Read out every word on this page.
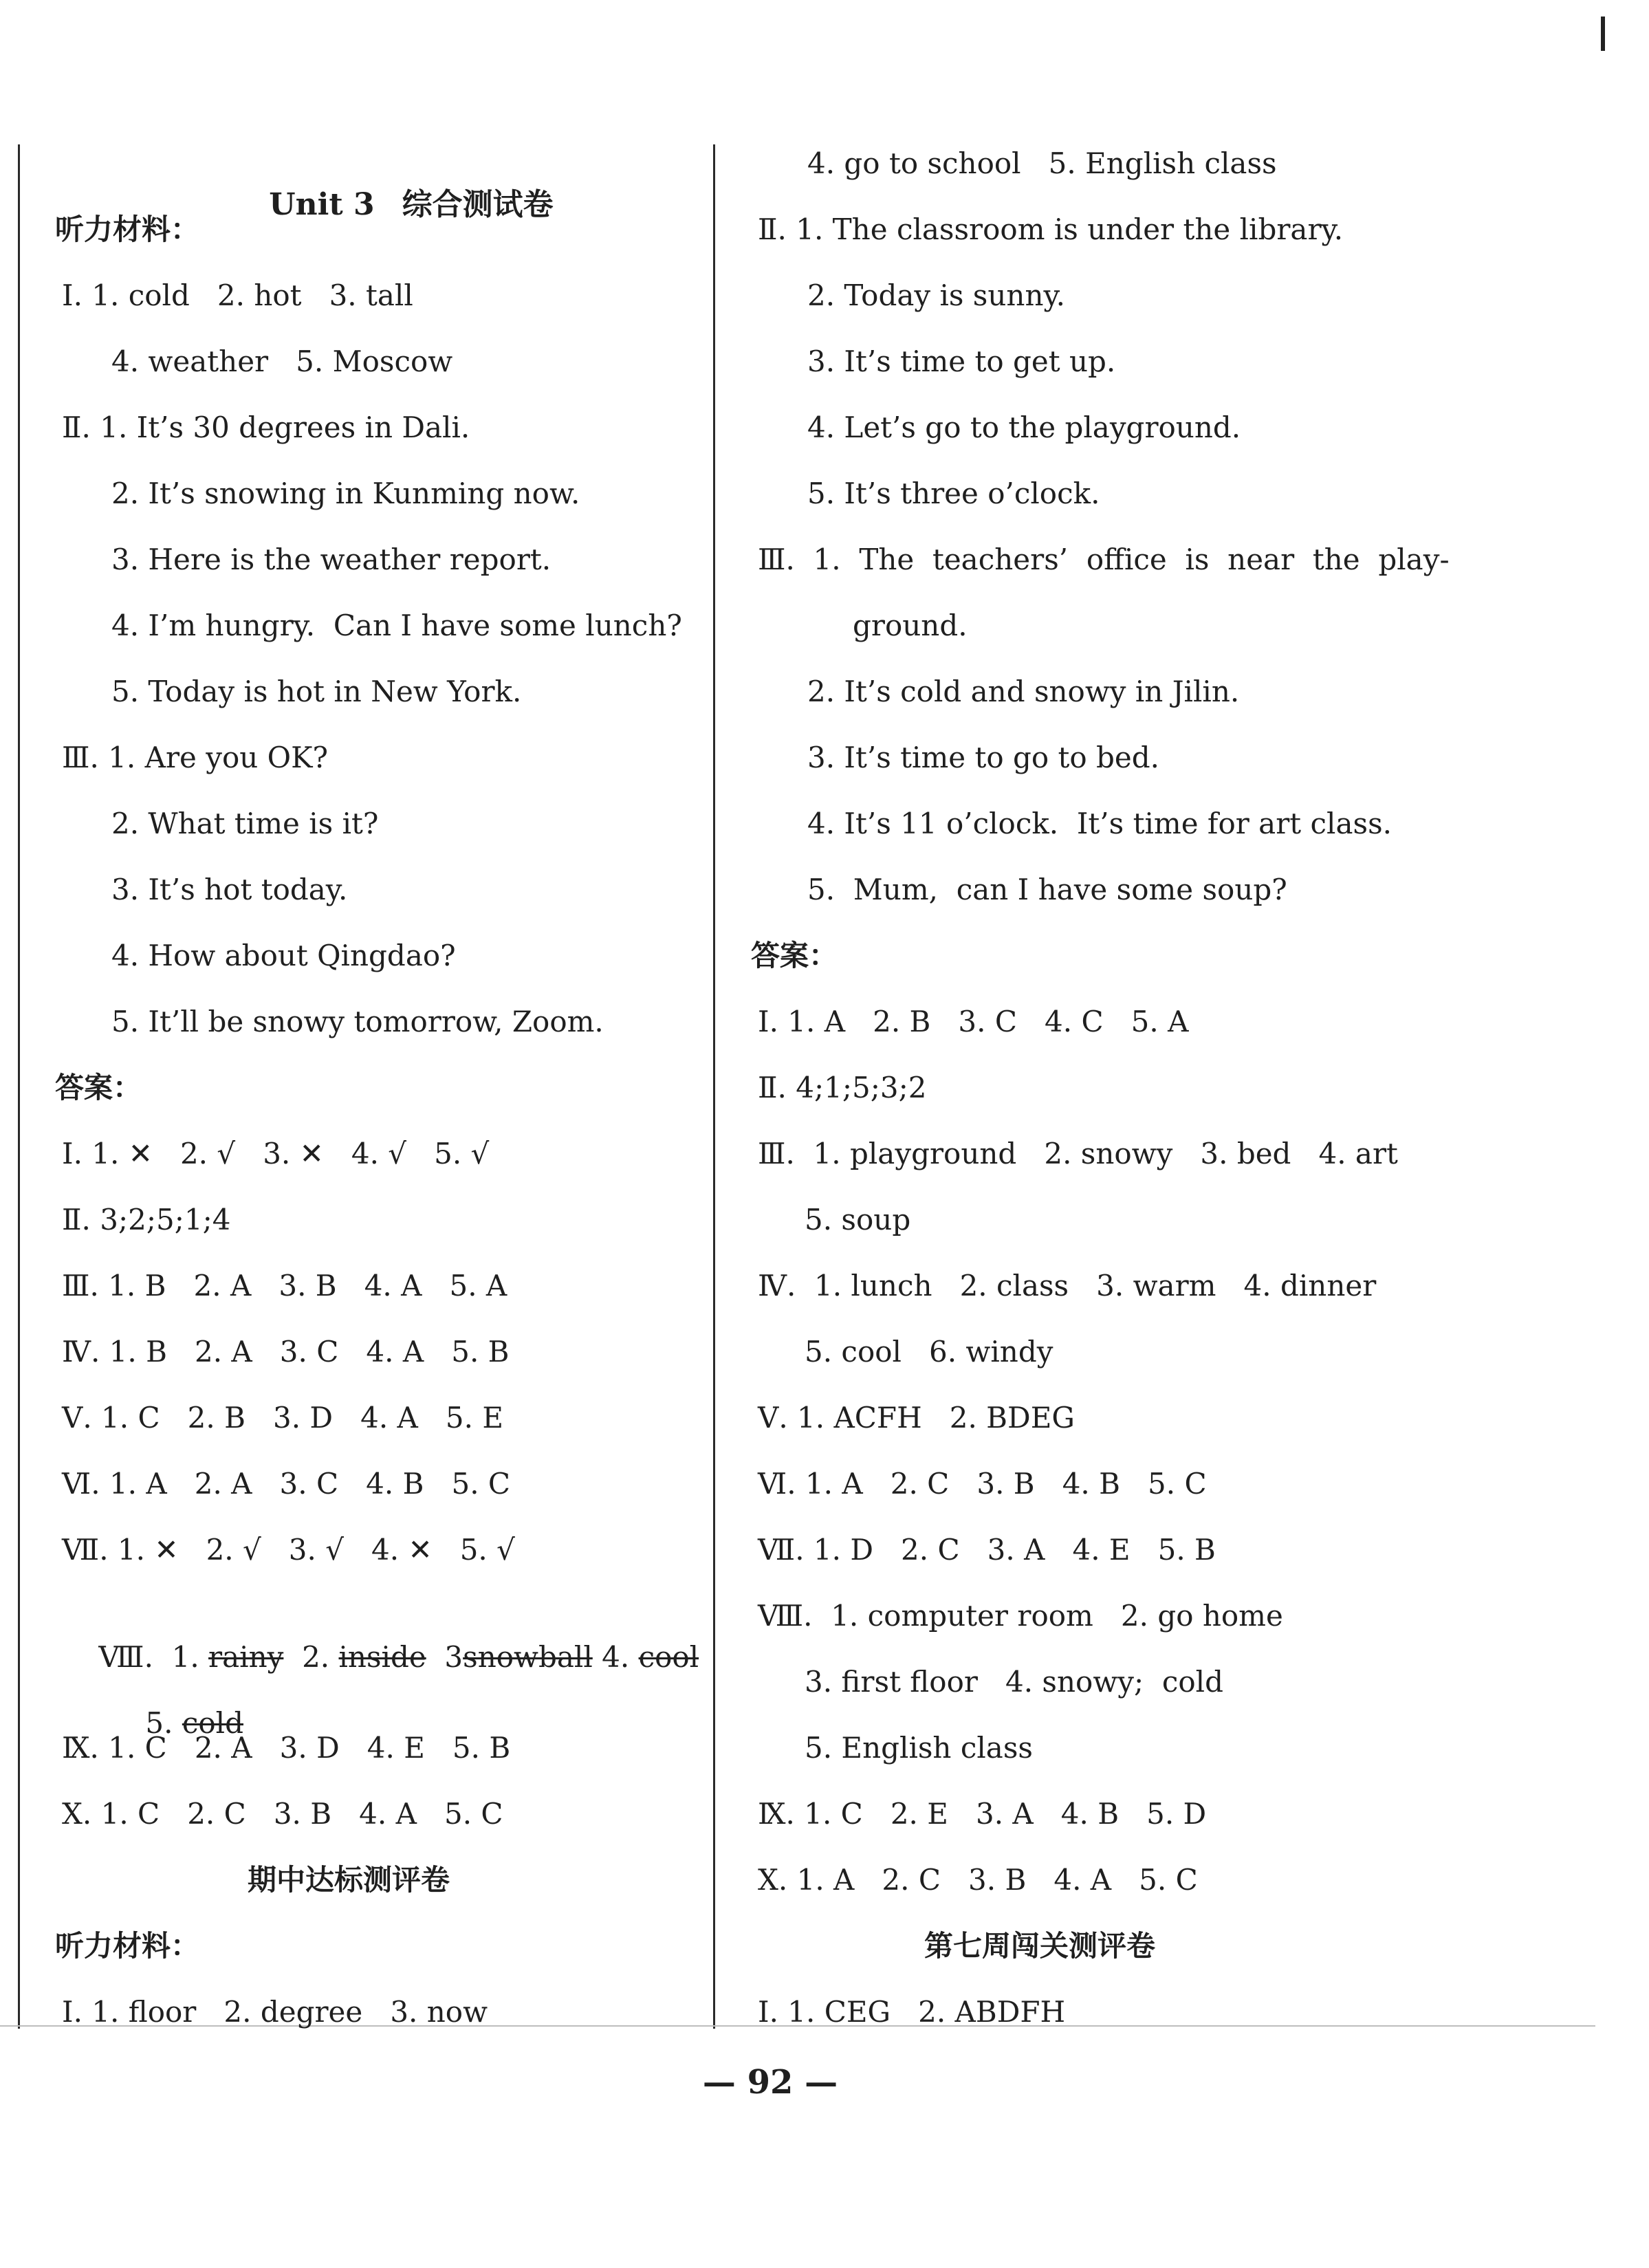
Unit 3 综合测试卷

听力材料：
Ⅰ. 1. cold   2. hot   3. tall
4. weather   5. Moscow
Ⅱ. 1. It’s 30 degrees in Dali.
2. It’s snowing in Kunming now.
3. Here is the weather report.
4. I’m hungry.  Can I have some lunch?
5. Today is hot in New York.
Ⅲ. 1. Are you OK?
2. What time is it?
3. It’s hot today.
4. How about Qingdao?
5. It’ll be snowy tomorrow, Zoom.
答案：
Ⅰ. 1. ✕   2. √   3. ✕   4. √   5. √
Ⅱ. 3;2;5;1;4
Ⅲ. 1. B   2. A   3. B   4. A   5. A
Ⅳ. 1. B   2. A   3. C   4. A   5. B
Ⅴ. 1. C   2. B   3. D   4. A   5. E
Ⅵ. 1. A   2. A   3. C   4. B   5. C
Ⅶ. 1. ✕   2. √   3. √   4. ✕   5. √

Ⅷ.  1. rainy  2. inside  3snowball 4. cool

5. cold

Ⅸ. 1. C   2. A   3. D   4. E   5. B
Ⅹ. 1. C   2. C   3. B   4. A   5. C
期中达标测评卷
听力材料：
Ⅰ. 1. floor   2. degree   3. now
4. go to school   5. English class
Ⅱ. 1. The classroom is under the library.
2. Today is sunny.
3. It’s time to get up.
4. Let’s go to the playground.
5. It’s three o’clock.
Ⅲ.  1.  The  teachers’  office  is  near  the  play-
ground.
2. It’s cold and snowy in Jilin.
3. It’s time to go to bed.
4. It’s 11 o’clock.  It’s time for art class.
5.  Mum,  can I have some soup?
答案：
Ⅰ. 1. A   2. B   3. C   4. C   5. A
Ⅱ. 4;1;5;3;2
Ⅲ.  1. playground   2. snowy   3. bed   4. art
5. soup
Ⅳ.  1. lunch   2. class   3. warm   4. dinner
5. cool   6. windy
Ⅴ. 1. ACFH   2. BDEG
Ⅵ. 1. A   2. C   3. B   4. B   5. C
Ⅶ. 1. D   2. C   3. A   4. E   5. B
Ⅷ.  1. computer room   2. go home
3. first floor   4. snowy;  cold
5. English class
Ⅸ. 1. C   2. E   3. A   4. B   5. D
Ⅹ. 1. A   2. C   3. B   4. A   5. C
第七周闯关测评卷
Ⅰ. 1. CEG   2. ABDFH
— 92 —
